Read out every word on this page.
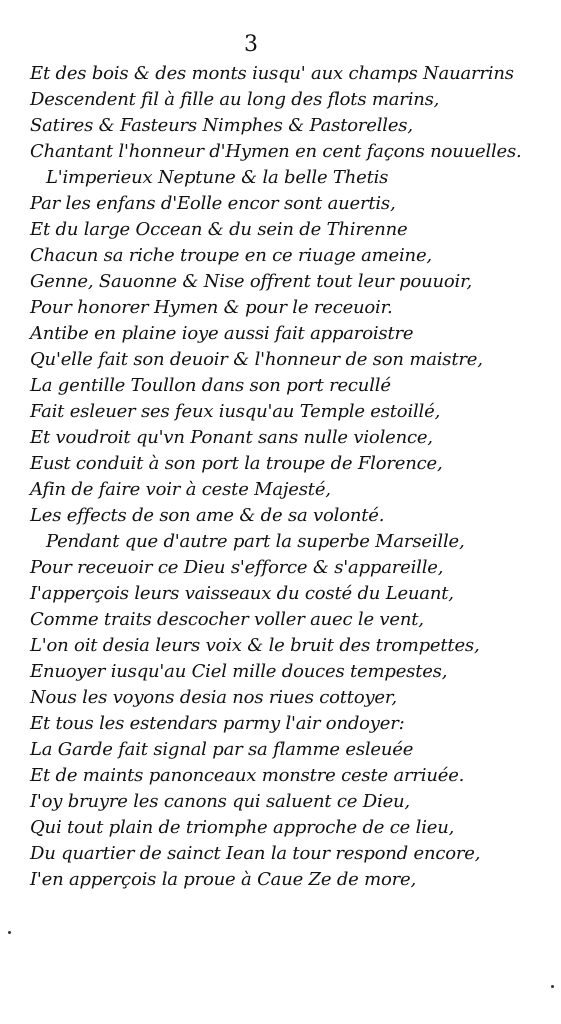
3
Et des bois & des monts iusqu' aux champs Nauarrins
Descendent fil à fille au long des flots marins,
Satires & Fasteurs Nimphes & Pastorelles,
Chantant l'honneur d'Hymen en cent façons nouuelles.
L'imperieux Neptune & la belle Thetis
Par les enfans d'Eolle encor sont auertis,
Et du large Occean & du sein de Thirenne
Chacun sa riche troupe en ce riuage ameine,
Genne, Sauonne & Nise offrent tout leur pouuoir,
Pour honorer Hymen & pour le receuoir.
Antibe en plaine ioye aussi fait apparoistre
Qu'elle fait son deuoir & l'honneur de son maistre,
La gentille Toullon dans son port recullé
Fait esleuer ses feux iusqu'au Temple estoillé,
Et voudroit qu'vn Ponant sans nulle violence,
Eust conduit à son port la troupe de Florence,
Afin de faire voir à ceste Majesté,
Les effects de son ame & de sa volonté.
Pendant que d'autre part la superbe Marseille,
Pour receuoir ce Dieu s'efforce & s'appareille,
I'apperçois leurs vaisseaux du costé du Leuant,
Comme traits descocher voller auec le vent,
L'on oit desia leurs voix & le bruit des trompettes,
Enuoyer iusqu'au Ciel mille douces tempestes,
Nous les voyons desia nos riues cottoyer,
Et tous les estendars parmy l'air ondoyer:
La Garde fait signal par sa flamme esleuée
Et de maints panonceaux monstre ceste arriuée.
I'oy bruyre les canons qui saluent ce Dieu,
Qui tout plain de triomphe approche de ce lieu,
Du quartier de sainct Iean la tour respond encore,
I'en apperçois la proue à Caue Ze de more,
